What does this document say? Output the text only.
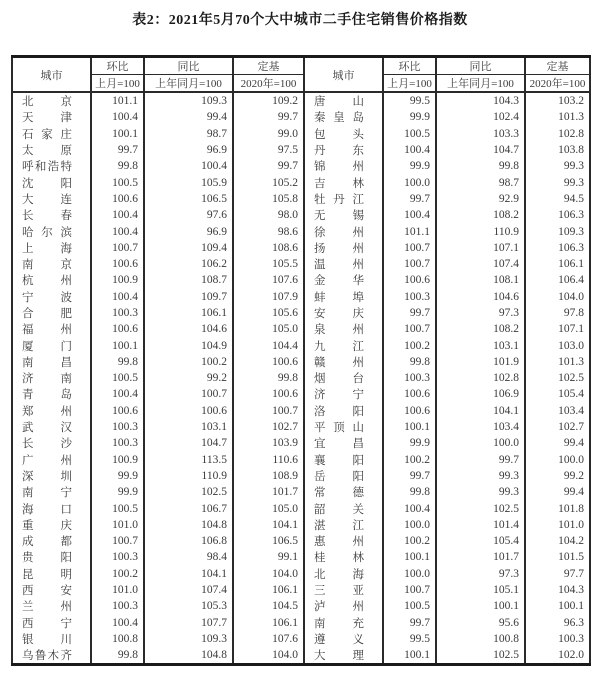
表2：2021年5月70个大中城市二手住宅销售价格指数
城市	环比	同比	定基	城市	环比	同比	定基
	上月=100	上年同月=100	2020年=100		上月=100	上年同月=100	2020年=100
北京	101.1	109.3	109.2	唐山	99.5	104.3	103.2
天津	100.4	99.4	99.7	秦皇岛	99.9	102.4	101.3
石家庄	100.1	98.7	99.0	包头	100.5	103.3	102.8
太原	99.7	96.9	97.5	丹东	100.4	104.7	103.8
呼和浩特	99.8	100.4	99.7	锦州	99.9	99.8	99.3
沈阳	100.5	105.9	105.2	吉林	100.0	98.7	99.3
大连	100.6	106.5	105.8	牡丹江	99.7	92.9	94.5
长春	100.4	97.6	98.0	无锡	100.4	108.2	106.3
哈尔滨	100.4	96.9	98.6	徐州	101.1	110.9	109.3
上海	100.7	109.4	108.6	扬州	100.7	107.1	106.3
南京	100.6	106.2	105.5	温州	100.7	107.4	106.1
杭州	100.9	108.7	107.6	金华	100.6	108.1	106.4
宁波	100.4	109.7	107.9	蚌埠	100.3	104.6	104.0
合肥	100.3	106.1	105.6	安庆	99.7	97.3	97.8
福州	100.6	104.6	105.0	泉州	100.7	108.2	107.1
厦门	100.1	104.9	104.4	九江	100.2	103.1	103.0
南昌	99.8	100.2	100.6	赣州	99.8	101.9	101.3
济南	100.5	99.2	99.8	烟台	100.3	102.8	102.5
青岛	100.4	100.7	100.6	济宁	100.6	106.9	105.4
郑州	100.6	100.6	100.7	洛阳	100.6	104.1	103.4
武汉	100.3	103.1	102.7	平顶山	100.1	103.4	102.7
长沙	100.3	104.7	103.9	宜昌	99.9	100.0	99.4
广州	100.9	113.5	110.6	襄阳	100.2	99.7	100.0
深圳	99.9	110.9	108.9	岳阳	99.7	99.3	99.2
南宁	99.9	102.5	101.7	常德	99.8	99.3	99.4
海口	100.5	106.7	105.0	韶关	100.4	102.5	101.8
重庆	101.0	104.8	104.1	湛江	100.0	101.4	101.0
成都	100.7	106.8	106.5	惠州	100.2	105.4	104.2
贵阳	100.3	98.4	99.1	桂林	100.1	101.7	101.5
昆明	100.2	104.1	104.0	北海	100.0	97.3	97.7
西安	101.0	107.4	106.1	三亚	100.7	105.1	104.3
兰州	100.3	105.3	104.5	泸州	100.5	100.1	100.1
西宁	100.4	107.7	106.1	南充	99.7	95.6	96.3
银川	100.8	109.3	107.6	遵义	99.5	100.8	100.3
乌鲁木齐	99.8	104.8	104.0	大理	100.1	102.5	102.0
